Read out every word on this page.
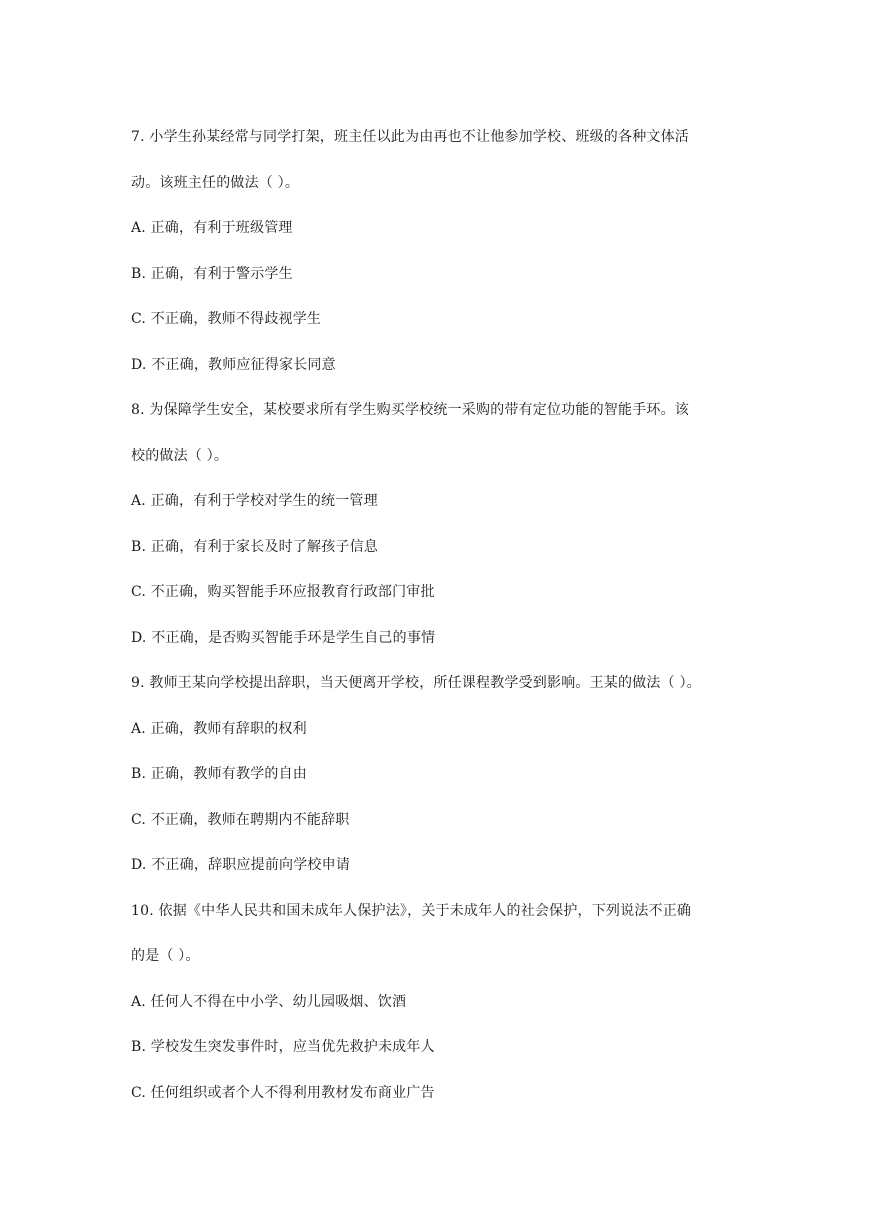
7. 小学生孙某经常与同学打架，班主任以此为由再也不让他参加学校、班级的各种文体活
动。该班主任的做法（ ）。
A. 正确，有利于班级管理
B. 正确，有利于警示学生
C. 不正确，教师不得歧视学生
D. 不正确，教师应征得家长同意
8. 为保障学生安全，某校要求所有学生购买学校统一采购的带有定位功能的智能手环。该
校的做法（ ）。
A. 正确，有利于学校对学生的统一管理
B. 正确，有利于家长及时了解孩子信息
C. 不正确，购买智能手环应报教育行政部门审批
D. 不正确，是否购买智能手环是学生自己的事情
9. 教师王某向学校提出辞职，当天便离开学校，所任课程教学受到影响。王某的做法（ ）。
A. 正确，教师有辞职的权利
B. 正确，教师有教学的自由
C. 不正确，教师在聘期内不能辞职
D. 不正确，辞职应提前向学校申请
10. 依据《中华人民共和国未成年人保护法》，关于未成年人的社会保护，下列说法不正确
的是（ ）。
A. 任何人不得在中小学、幼儿园吸烟、饮酒
B. 学校发生突发事件时，应当优先救护未成年人
C. 任何组织或者个人不得利用教材发布商业广告
